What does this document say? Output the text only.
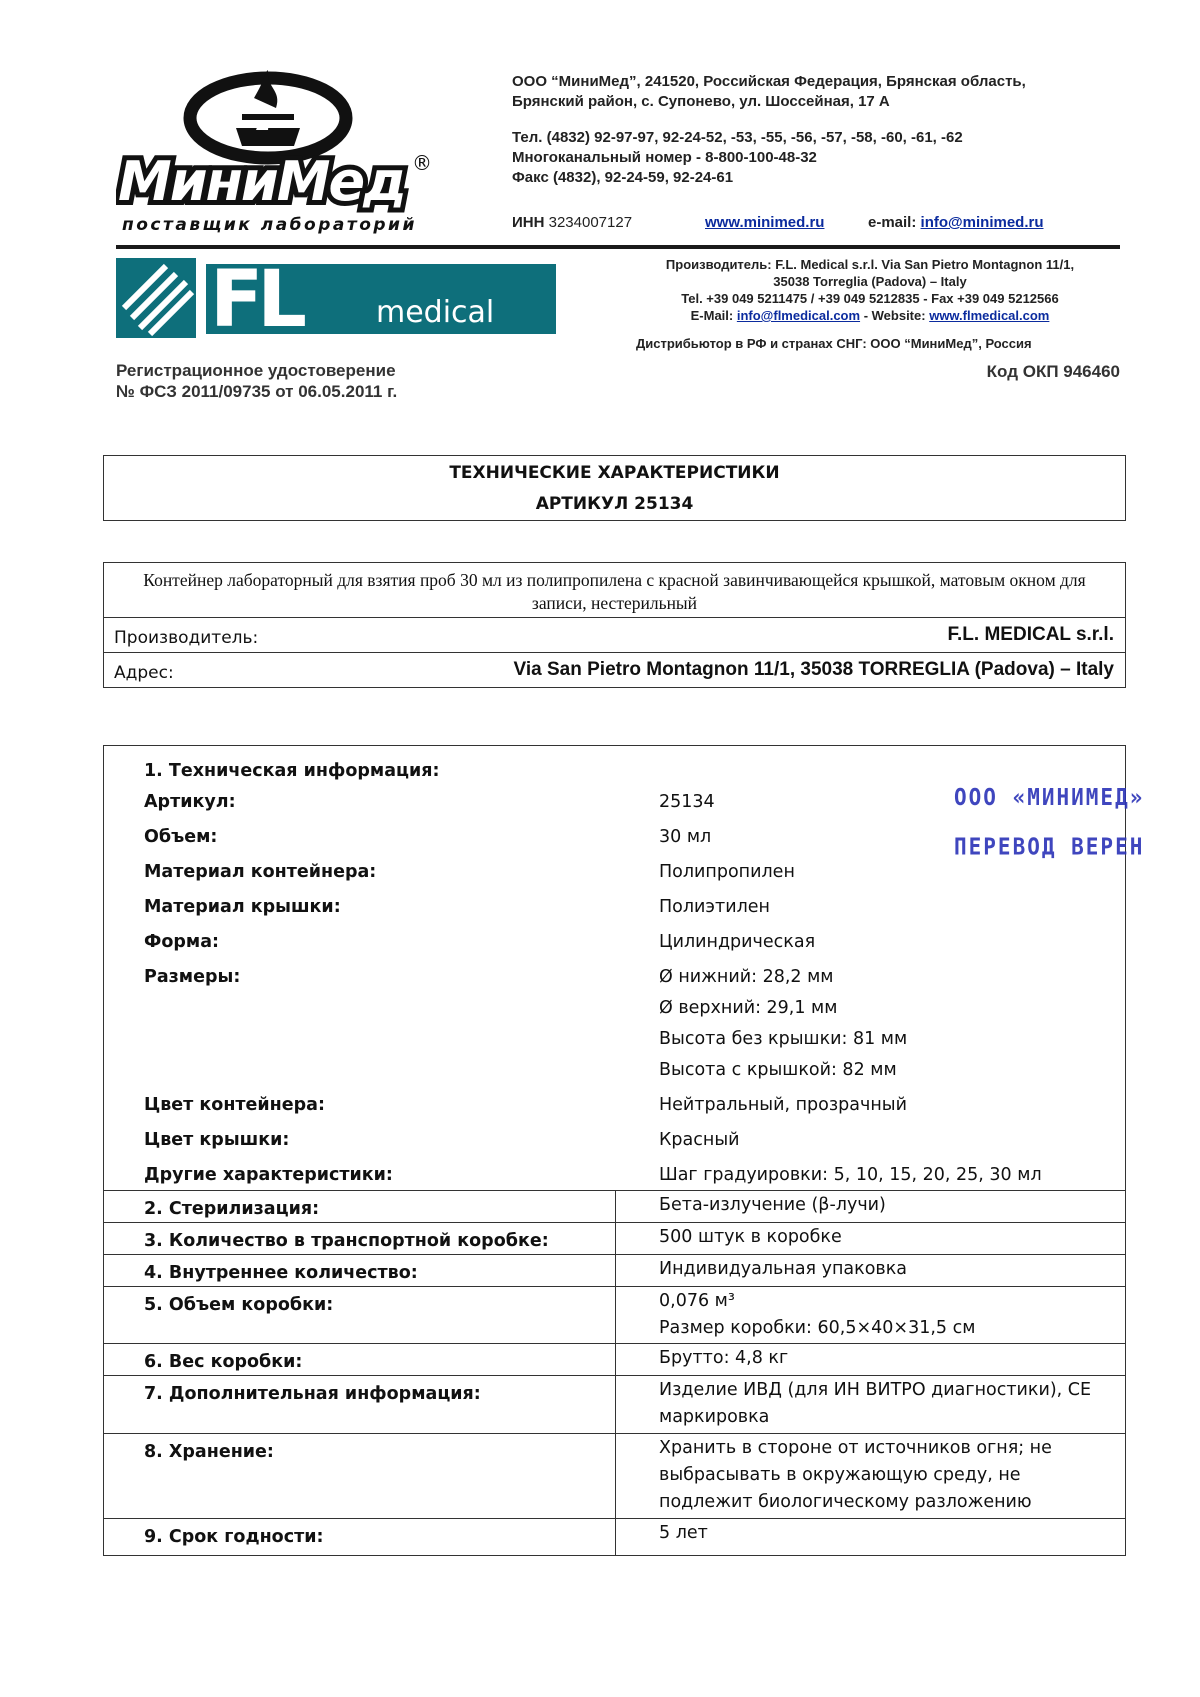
МиниМед ®
поставщик лабораторий
ООО “МиниМед”, 241520, Российская Федерация, Брянская область,
Брянский район, с. Супонево, ул. Шоссейная, 17 А
Тел. (4832) 92-97-97, 92-24-52, -53, -55, -56, -57, -58, -60, -61, -62
Многоканальный номер - 8-800-100-48-32
Факс (4832), 92-24-59, 92-24-61
ИНН 3234007127	www.minimed.ru	e-mail: info@minimed.ru
FL	medical
Производитель: F.L. Medical s.r.l. Via San Pietro Montagnon 11/1,
35038 Torreglia (Padova) – Italy
Tel. +39 049 5211475 / +39 049 5212835 - Fax +39 049 5212566
E-Mail: info@flmedical.com - Website: www.flmedical.com
Дистрибьютор в РФ и странах СНГ: ООО “МиниМед”, Россия
Регистрационное удостоверение
№ ФСЗ 2011/09735 от 06.05.2011 г.
Код ОКП 946460
ТЕХНИЧЕСКИЕ ХАРАКТЕРИСТИКИ
АРТИКУЛ 25134
Контейнер лабораторный для взятия проб 30 мл из полипропилена с красной завинчивающейся крышкой, матовым окном для записи, нестерильный
Производитель:	F.L. MEDICAL s.r.l.
Адрес:	Via San Pietro Montagnon 11/1, 35038 TORREGLIA (Padova) – Italy
1. Техническая информация:
Артикул:	25134
Объем:	30 мл
Материал контейнера:	Полипропилен
Материал крышки:	Полиэтилен
Форма:	Цилиндрическая
Размеры:	Ø нижний: 28,2 мм
Ø верхний: 29,1 мм
Высота без крышки: 81 мм
Высота с крышкой: 82 мм
Цвет контейнера:	Нейтральный, прозрачный
Цвет крышки:	Красный
Другие характеристики:	Шаг градуировки: 5, 10, 15, 20, 25, 30 мл
2. Стерилизация:	Бета-излучение (β-лучи)
3. Количество в транспортной коробке:	500 штук в коробке
4. Внутреннее количество:	Индивидуальная упаковка
5. Объем коробки:	0,076 м³
Размер коробки: 60,5×40×31,5 см
6. Вес коробки:	Брутто: 4,8 кг
7. Дополнительная информация:	Изделие ИВД (для ИН ВИТРО диагностики), СЕ
маркировка
8. Хранение:	Хранить в стороне от источников огня; не
выбрасывать в окружающую среду, не
подлежит биологическому разложению
9. Срок годности:	5 лет
ООО «МИНИМЕД»
ПЕРЕВОД ВЕРЕН
